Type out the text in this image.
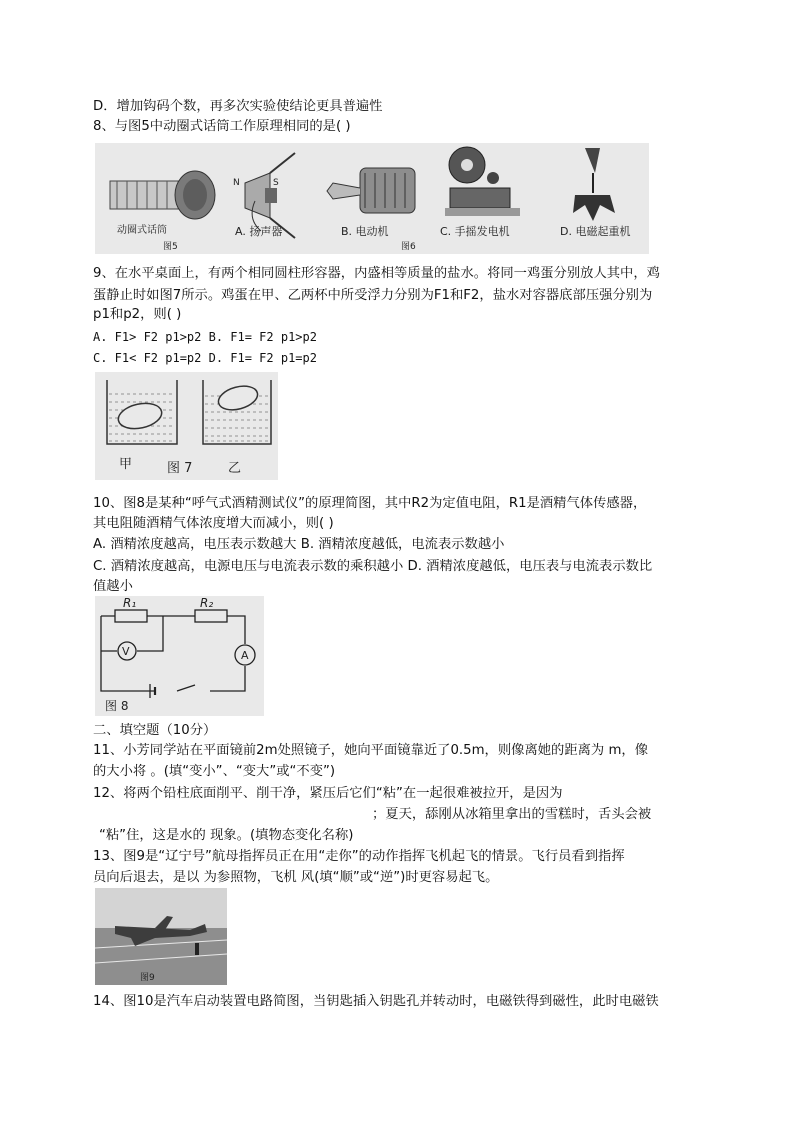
D．增加钩码个数，再多次实验使结论更具普遍性
8、与图5中动圈式话筒工作原理相同的是( )
动圈式话筒
图5
N	S
A. 扬声器	B. 电动机
图6
C. 手摇发电机	D. 电磁起重机
9、在水平桌面上，有两个相同圆柱形容器，内盛相等质量的盐水。将同一鸡蛋分别放人其中，鸡
蛋静止时如图7所示。鸡蛋在甲、乙两杯中所受浮力分别为F1和F2，盐水对容器底部压强分别为
p1和p2，则( )
A. F1> F2 p1>p2 B. F1= F2 p1>p2
C. F1< F2 p1=p2 D. F1= F2 p1=p2
甲	图 7	乙
10、图8是某种“呼气式酒精测试仪”的原理简图，其中R2为定值电阻，R1是酒精气体传感器，
其电阻随酒精气体浓度增大而减小，则( )
A. 酒精浓度越高，电压表示数越大 B. 酒精浓度越低，电流表示数越小
C. 酒精浓度越高，电源电压与电流表示数的乘积越小 D. 酒精浓度越低，电压表与电流表示数比
值越小
V	A
R₁	R₂
图 8
二、填空题（10分）
11、小芳同学站在平面镜前2m处照镜子，她向平面镜靠近了0.5m，则像离她的距离为 m，像
的大小将 。(填“变小”、“变大”或“不变”)
12、将两个铅柱底面削平、削干净，紧压后它们“粘”在一起很难被拉开，是因为
；夏天，舔刚从冰箱里拿出的雪糕时，舌头会被
“粘”住，这是水的 现象。(填物态变化名称)
13、图9是“辽宁号”航母指挥员正在用“走你”的动作指挥飞机起飞的情景。飞行员看到指挥
员向后退去，是以 为参照物，飞机 风(填“顺”或“逆”)时更容易起飞。
图9
14、图10是汽车启动装置电路简图，当钥匙插入钥匙孔并转动时，电磁铁得到磁性，此时电磁铁
